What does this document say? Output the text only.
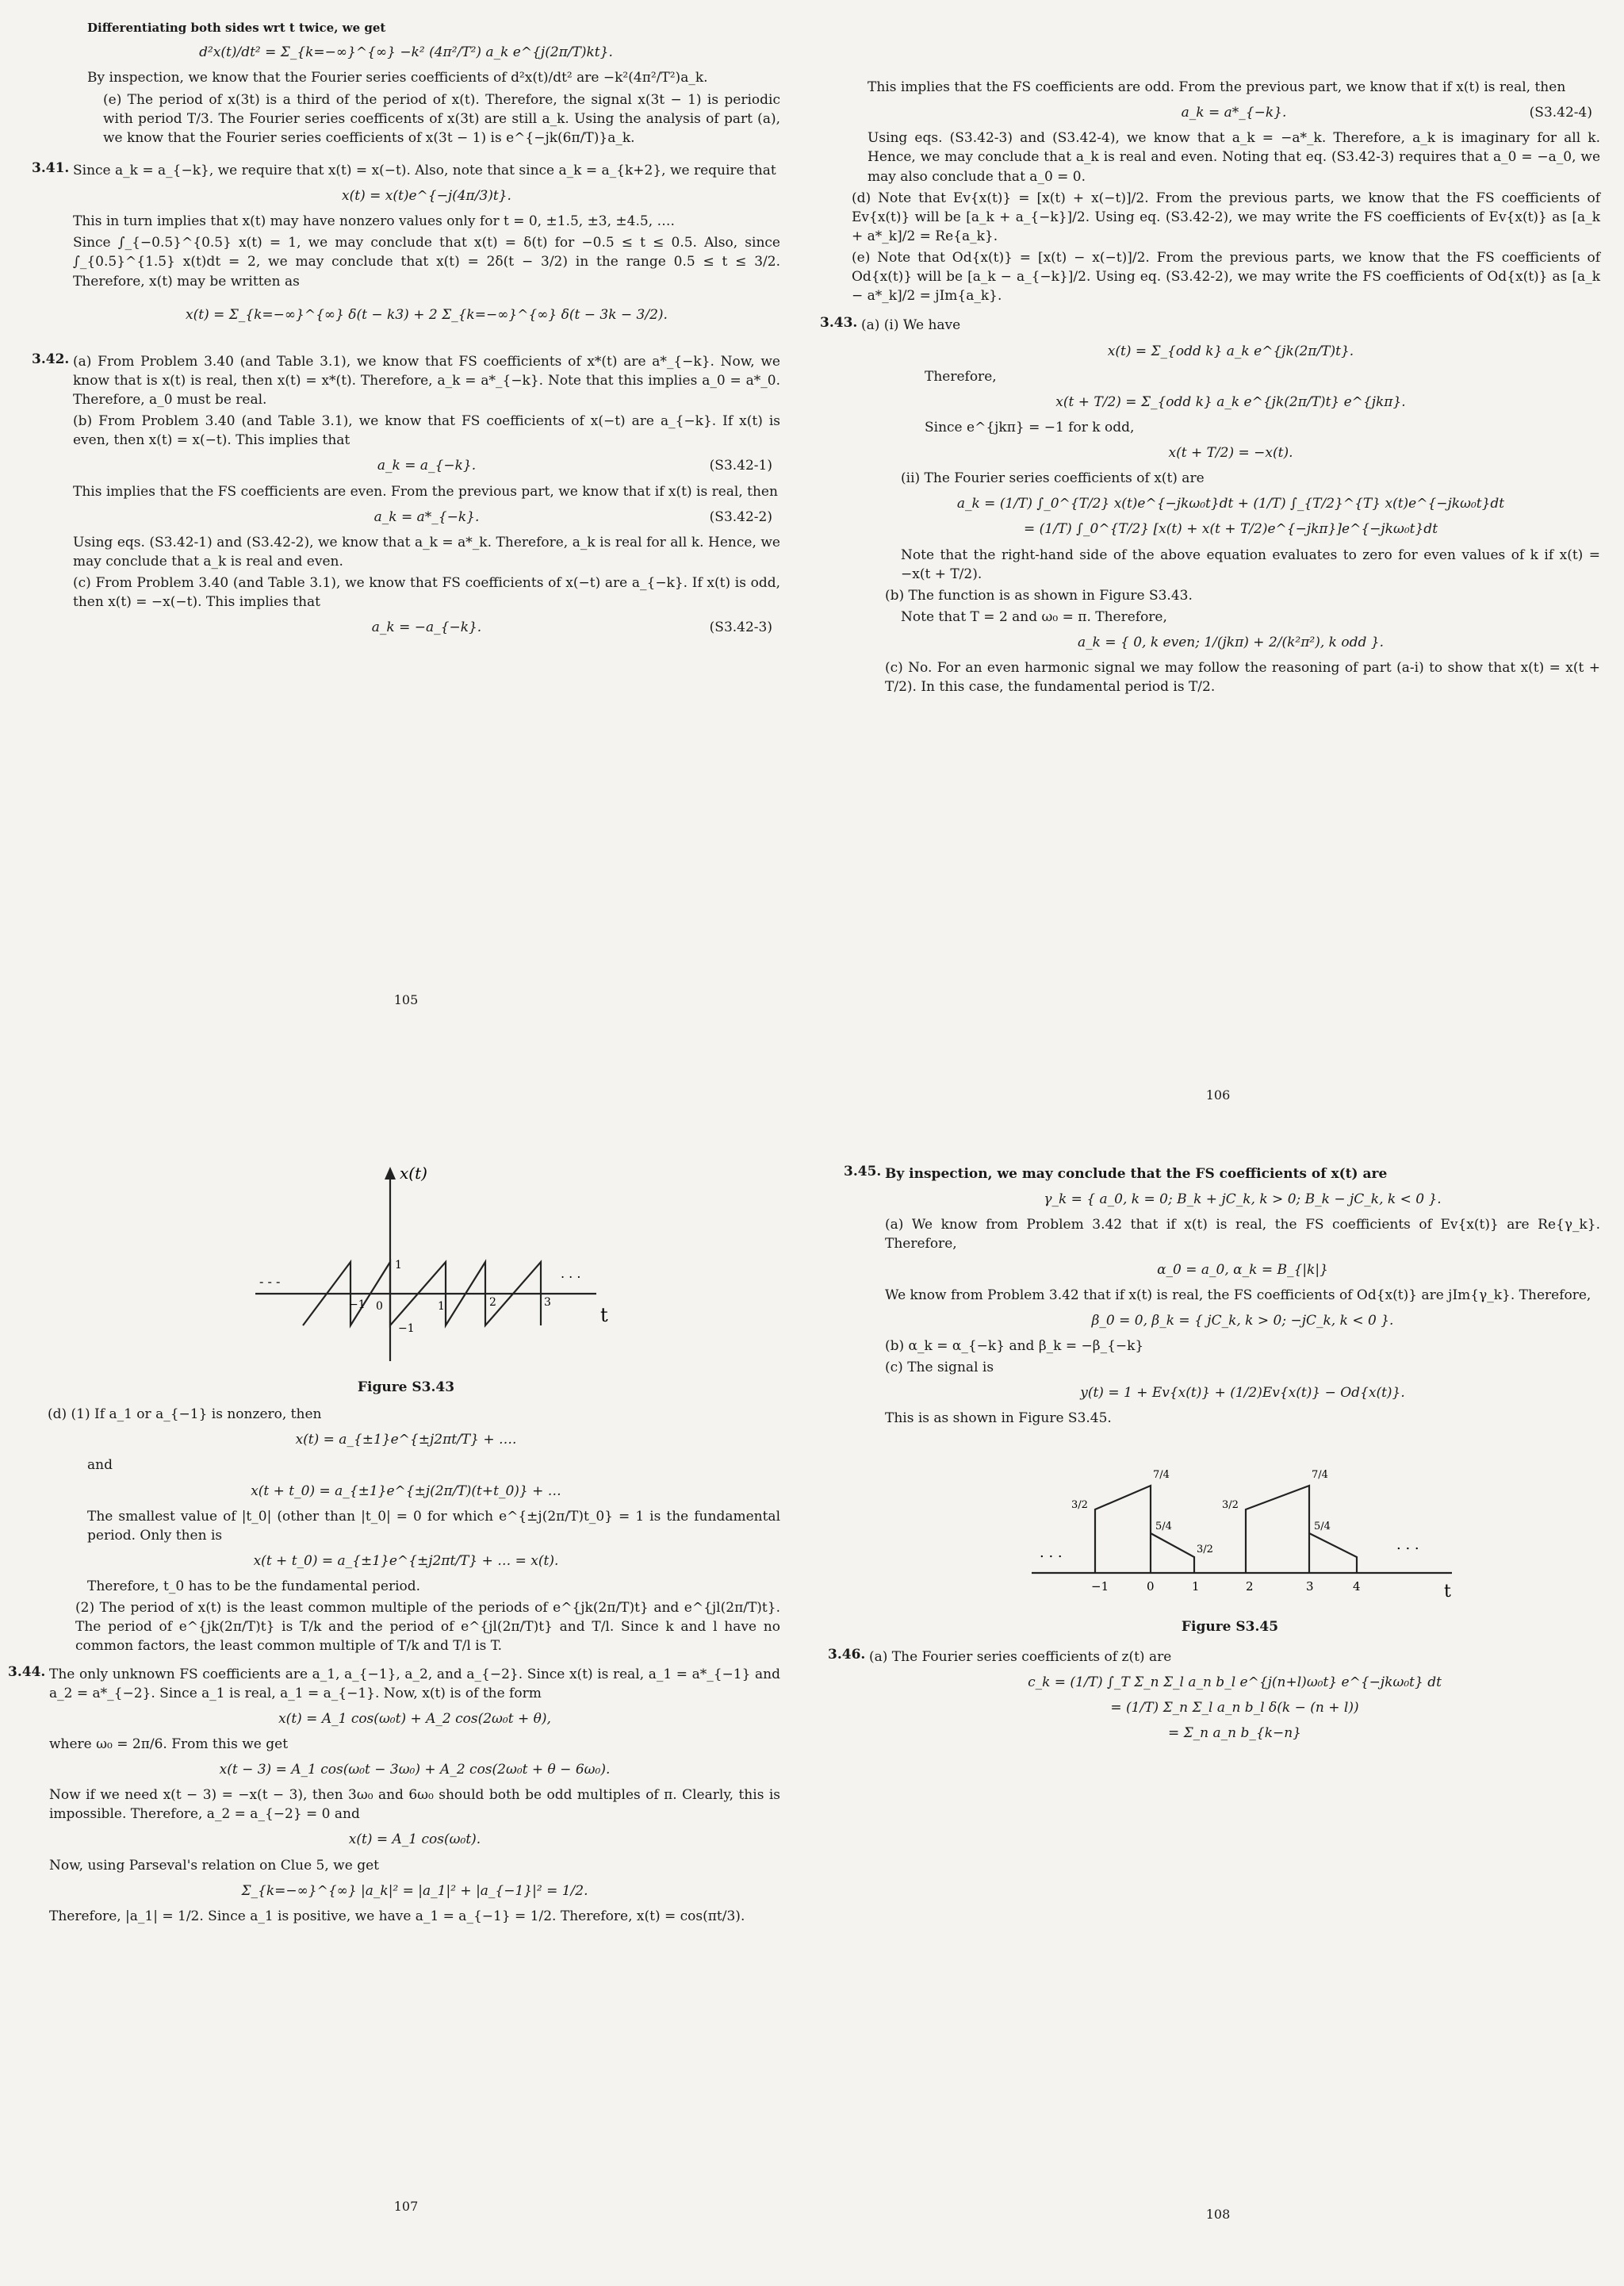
Differentiating both sides wrt t twice, we get

d²x(t)/dt² = Σ_{k=−∞}^{∞} −k² (4π²/T²) a_k e^{j(2π/T)kt}.

By inspection, we know that the Fourier series coefficients of d²x(t)/dt² are −k²(4π²/T²)a_k.

(e) The period of x(3t) is a third of the period of x(t). Therefore, the signal x(3t − 1) is periodic with period T/3. The Fourier series coefficents of x(3t) are still a_k. Using the analysis of part (a), we know that the Fourier series coefficients of x(3t − 1) is e^{−jk(6π/T)}a_k.

3.41. Since a_k = a_{−k}, we require that x(t) = x(−t). Also, note that since a_k = a_{k+2}, we require that

x(t) = x(t)e^{−j(4π/3)t}.

This in turn implies that x(t) may have nonzero values only for t = 0, ±1.5, ±3, ±4.5, ….

Since ∫_{−0.5}^{0.5} x(t) = 1, we may conclude that x(t) = δ(t) for −0.5 ≤ t ≤ 0.5. Also, since ∫_{0.5}^{1.5} x(t)dt = 2, we may conclude that x(t) = 2δ(t − 3/2) in the range 0.5 ≤ t ≤ 3/2. Therefore, x(t) may be written as

x(t) = Σ_{k=−∞}^{∞} δ(t − k3) + 2 Σ_{k=−∞}^{∞} δ(t − 3k − 3/2).
3.42. (a) From Problem 3.40 (and Table 3.1), we know that FS coefficients of x*(t) are a*_{−k}. Now, we know that is x(t) is real, then x(t) = x*(t). Therefore, a_k = a*_{−k}. Note that this implies a_0 = a*_0. Therefore, a_0 must be real.

(b) From Problem 3.40 (and Table 3.1), we know that FS coefficients of x(−t) are a_{−k}. If x(t) is even, then x(t) = x(−t). This implies that

a_k = a_{−k}.	(S3.42-1)

This implies that the FS coefficients are even. From the previous part, we know that if x(t) is real, then

a_k = a*_{−k}.	(S3.42-2)

Using eqs. (S3.42-1) and (S3.42-2), we know that a_k = a*_k. Therefore, a_k is real for all k. Hence, we may conclude that a_k is real and even.

(c) From Problem 3.40 (and Table 3.1), we know that FS coefficients of x(−t) are a_{−k}. If x(t) is odd, then x(t) = −x(−t). This implies that

a_k = −a_{−k}.	(S3.42-3)
105

This implies that the FS coefficients are odd. From the previous part, we know that if x(t) is real, then

a_k = a*_{−k}.	(S3.42-4)

Using eqs. (S3.42-3) and (S3.42-4), we know that a_k = −a*_k. Therefore, a_k is imaginary for all k. Hence, we may conclude that a_k is real and even. Noting that eq. (S3.42-3) requires that a_0 = −a_0, we may also conclude that a_0 = 0.

(d) Note that Ev{x(t)} = [x(t) + x(−t)]/2. From the previous parts, we know that the FS coefficients of Ev{x(t)} will be [a_k + a_{−k}]/2. Using eq. (S3.42-2), we may write the FS coefficients of Ev{x(t)} as [a_k + a*_k]/2 = Re{a_k}.

(e) Note that Od{x(t)} = [x(t) − x(−t)]/2. From the previous parts, we know that the FS coefficients of Od{x(t)} will be [a_k − a_{−k}]/2. Using eq. (S3.42-2), we may write the FS coefficients of Od{x(t)} as [a_k − a*_k]/2 = jIm{a_k}.

3.43. (a) (i) We have

x(t) = Σ_{odd k} a_k e^{jk(2π/T)t}.

Therefore,

x(t + T/2) = Σ_{odd k} a_k e^{jk(2π/T)t} e^{jkπ}.

Since e^{jkπ} = −1 for k odd,

x(t + T/2) = −x(t).

(ii) The Fourier series coefficients of x(t) are

a_k = (1/T) ∫_0^{T/2} x(t)e^{−jkω₀t}dt + (1/T) ∫_{T/2}^{T} x(t)e^{−jkω₀t}dt
= (1/T) ∫_0^{T/2} [x(t) + x(t + T/2)e^{−jkπ}]e^{−jkω₀t}dt

Note that the right-hand side of the above equation evaluates to zero for even values of k if x(t) = −x(t + T/2).

(b) The function is as shown in Figure S3.43.

Note that T = 2 and ω₀ = π. Therefore,

a_k = { 0, k even; 1/(jkπ) + 2/(k²π²), k odd }.

(c) No. For an even harmonic signal we may follow the reasoning of part (a-i) to show that x(t) = x(t + T/2). In this case, the fundamental period is T/2.

106
x(t)
t
−1 0	1	2	3
−1
1
- - -
. . .
Figure S3.43

(d) (1) If a_1 or a_{−1} is nonzero, then

x(t) = a_{±1}e^{±j2πt/T} + ….

and

x(t + t_0) = a_{±1}e^{±j(2π/T)(t+t_0)} + …

The smallest value of |t_0| (other than |t_0| = 0 for which e^{±j(2π/T)t_0} = 1 is the fundamental period. Only then is

x(t + t_0) = a_{±1}e^{±j2πt/T} + … = x(t).

Therefore, t_0 has to be the fundamental period.

(2) The period of x(t) is the least common multiple of the periods of e^{jk(2π/T)t} and e^{jl(2π/T)t}. The period of e^{jk(2π/T)t} is T/k and the period of e^{jl(2π/T)t} and T/l. Since k and l have no common factors, the least common multiple of T/k and T/l is T.

3.44. The only unknown FS coefficients are a_1, a_{−1}, a_2, and a_{−2}. Since x(t) is real, a_1 = a*_{−1} and a_2 = a*_{−2}. Since a_1 is real, a_1 = a_{−1}. Now, x(t) is of the form

x(t) = A_1 cos(ω₀t) + A_2 cos(2ω₀t + θ),

where ω₀ = 2π/6. From this we get

x(t − 3) = A_1 cos(ω₀t − 3ω₀) + A_2 cos(2ω₀t + θ − 6ω₀).

Now if we need x(t − 3) = −x(t − 3), then 3ω₀ and 6ω₀ should both be odd multiples of π. Clearly, this is impossible. Therefore, a_2 = a_{−2} = 0 and

x(t) = A_1 cos(ω₀t).

Now, using Parseval's relation on Clue 5, we get

Σ_{k=−∞}^{∞} |a_k|² = |a_1|² + |a_{−1}|² = 1/2.

Therefore, |a_1| = 1/2. Since a_1 is positive, we have a_1 = a_{−1} = 1/2. Therefore, x(t) = cos(πt/3).

107
3.45. By inspection, we may conclude that the FS coefficients of x(t) are

γ_k = { a_0, k = 0; B_k + jC_k, k > 0; B_k − jC_k, k < 0 }.

(a) We know from Problem 3.42 that if x(t) is real, the FS coefficients of Ev{x(t)} are Re{γ_k}. Therefore,

α_0 = a_0, α_k = B_{|k|}

We know from Problem 3.42 that if x(t) is real, the FS coefficients of Od{x(t)} are jIm{γ_k}. Therefore,

β_0 = 0, β_k = { jC_k, k > 0; −jC_k, k < 0 }.

(b) α_k = α_{−k} and β_k = −β_{−k}

(c) The signal is

y(t) = 1 + Ev{x(t)} + (1/2)Ev{x(t)} − Od{x(t)}.

This is as shown in Figure S3.45.

t
−1	0	1	2	3	4
3/2
7/4
3/2
5/4
3/2
7/4
5/4
. . .	. . .
Figure S3.45
3.46. (a) The Fourier series coefficients of z(t) are

c_k = (1/T) ∫_T Σ_n Σ_l a_n b_l e^{j(n+l)ω₀t} e^{−jkω₀t} dt
= (1/T) Σ_n Σ_l a_n b_l δ(k − (n + l))
= Σ_n a_n b_{k−n}
108
